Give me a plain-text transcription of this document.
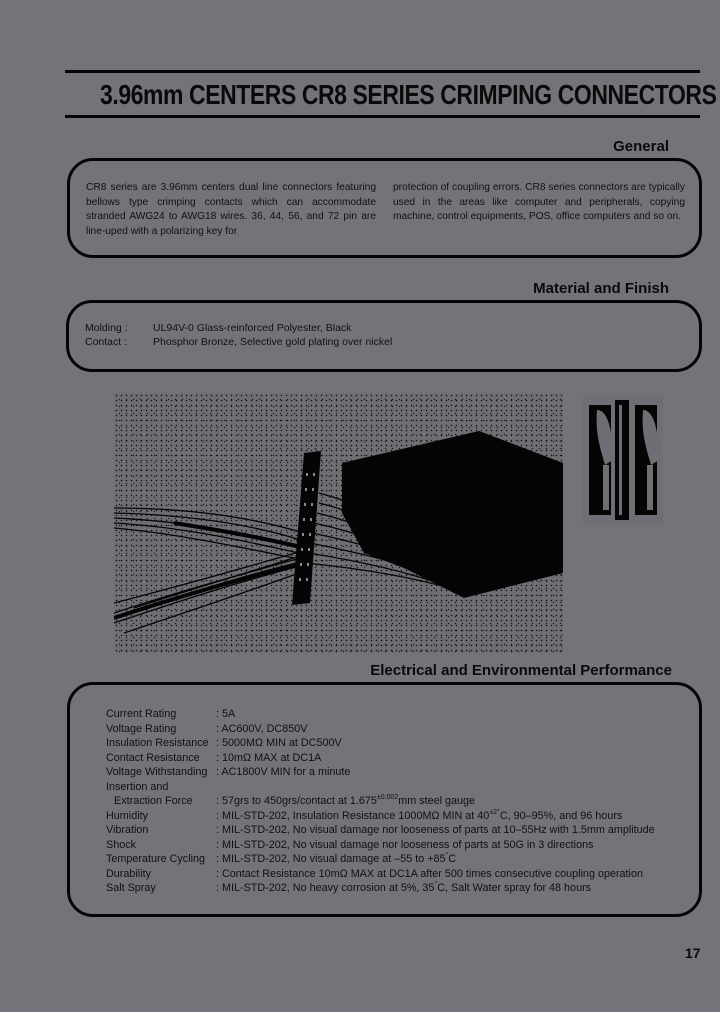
3.96mm CENTERS CR8 SERIES CRIMPING CONNECTORS
General
CR8 series are 3.96mm centers dual line connectors featuring bellows type crimping contacts which can accommodate stranded AWG24 to AWG18 wires. 36, 44, 56, and 72 pin are line-uped with a polarizing key for
protection of coupling errors. CR8 series connectors are typically used in the areas like computer and peripherals, copying machine, control equipments, POS, office computers and so on.
Material and Finish
Molding : UL94V-0 Glass-reinforced Polyester, Black
Contact : Phosphor Bronze, Selective gold plating over nickel
Electrical and Environmental Performance
Current Rating	: 5A
Voltage Rating	: AC600V, DC850V
Insulation Resistance : 5000MΩ MIN at DC500V
Contact Resistance	: 10mΩ MAX at DC1A
Voltage Withstanding : AC1800V MIN for a minute
Insertion and
Extraction Force	: 57grs to 450grs/contact at $1.675^{\pm 0.002}mm$ steel gauge
Humidity	: MIL-STD-202, Insulation Resistance 1000MΩ MIN at $40^{\pm 2^\circ}C$, 90–95%, and 96 hours
Vibration	: MIL-STD-202, No visual damage nor looseness of parts at 10–55Hz with 1.5mm amplitude
Shock	: MIL-STD-202, No visual damage nor looseness of parts at 50G in 3 directions
Temperature Cycling	: MIL-STD-202, No visual damage at –55 to +85°C
Durability	: Contact Resistance 10mΩ MAX at DC1A after 500 times consecutive coupling operation
Salt Spray	: MIL-STD-202, No heavy corrosion at 5%, 35°C, Salt Water spray for 48 hours
17
